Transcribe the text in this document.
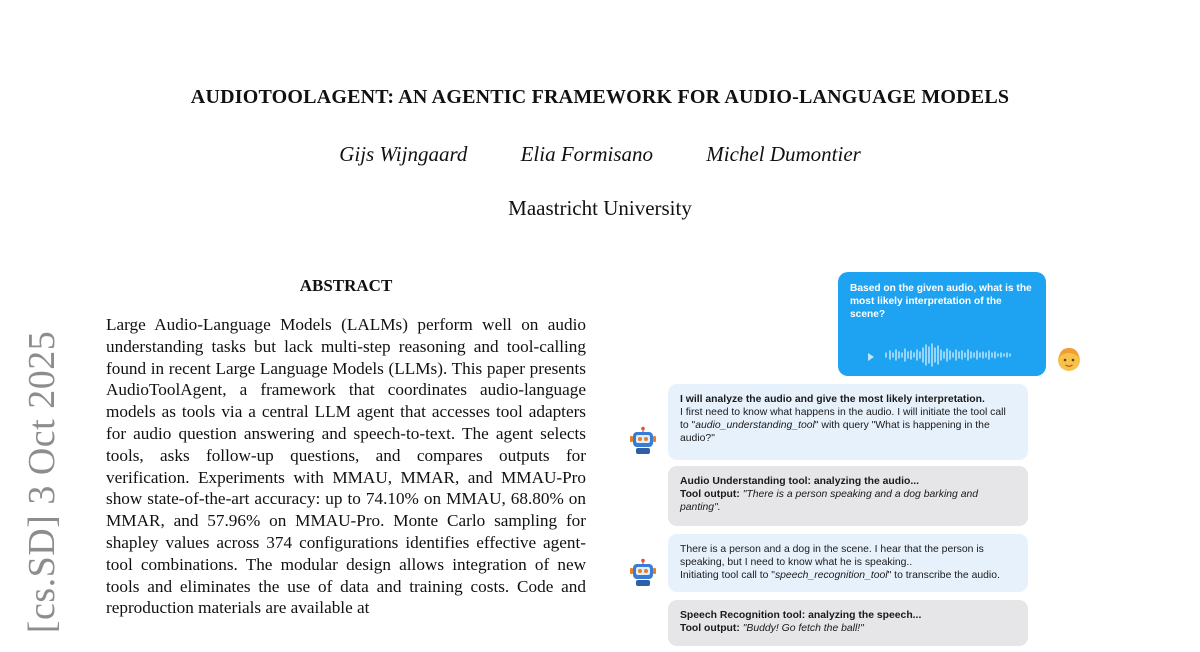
[cs.SD] 3 Oct 2025
AUDIOTOOLAGENT: AN AGENTIC FRAMEWORK FOR AUDIO-LANGUAGE MODELS
Gijs Wijngaard	Elia Formisano	Michel Dumontier
Maastricht University
ABSTRACT
Large Audio-Language Models (LALMs) perform well on audio understanding tasks but lack multi-step reasoning and tool-calling found in recent Large Language Models (LLMs). This paper presents AudioToolAgent, a framework that coordinates audio-language models as tools via a central LLM agent that accesses tool adapters for audio question answering and speech-to-text. The agent selects tools, asks follow-up questions, and compares outputs for verification. Experiments with MMAU, MMAR, and MMAU-Pro show state-of-the-art accuracy: up to 74.10% on MMAU, 68.80% on MMAR, and 57.96% on MMAU-Pro. Monte Carlo sampling for shapley values across 374 configurations identifies effective agent-tool combinations. The modular design allows integration of new tools and eliminates the use of data and training costs. Code and reproduction materials are available at
Based on the given audio, what is the most likely interpretation of the scene?
I will analyze the audio and give the most likely interpretation.
I first need to know what happens in the audio. I will initiate the tool call to "audio_understanding_tool" with query "What is happening in the audio?"
Audio Understanding tool: analyzing the audio...
Tool output: "There is a person speaking and a dog barking and panting".
There is a person and a dog in the scene. I hear that the person is speaking, but I need to know what he is speaking..
Initiating tool call to "speech_recognition_tool" to transcribe the audio.
Speech Recognition tool: analyzing the speech...
Tool output: "Buddy! Go fetch the ball!"
